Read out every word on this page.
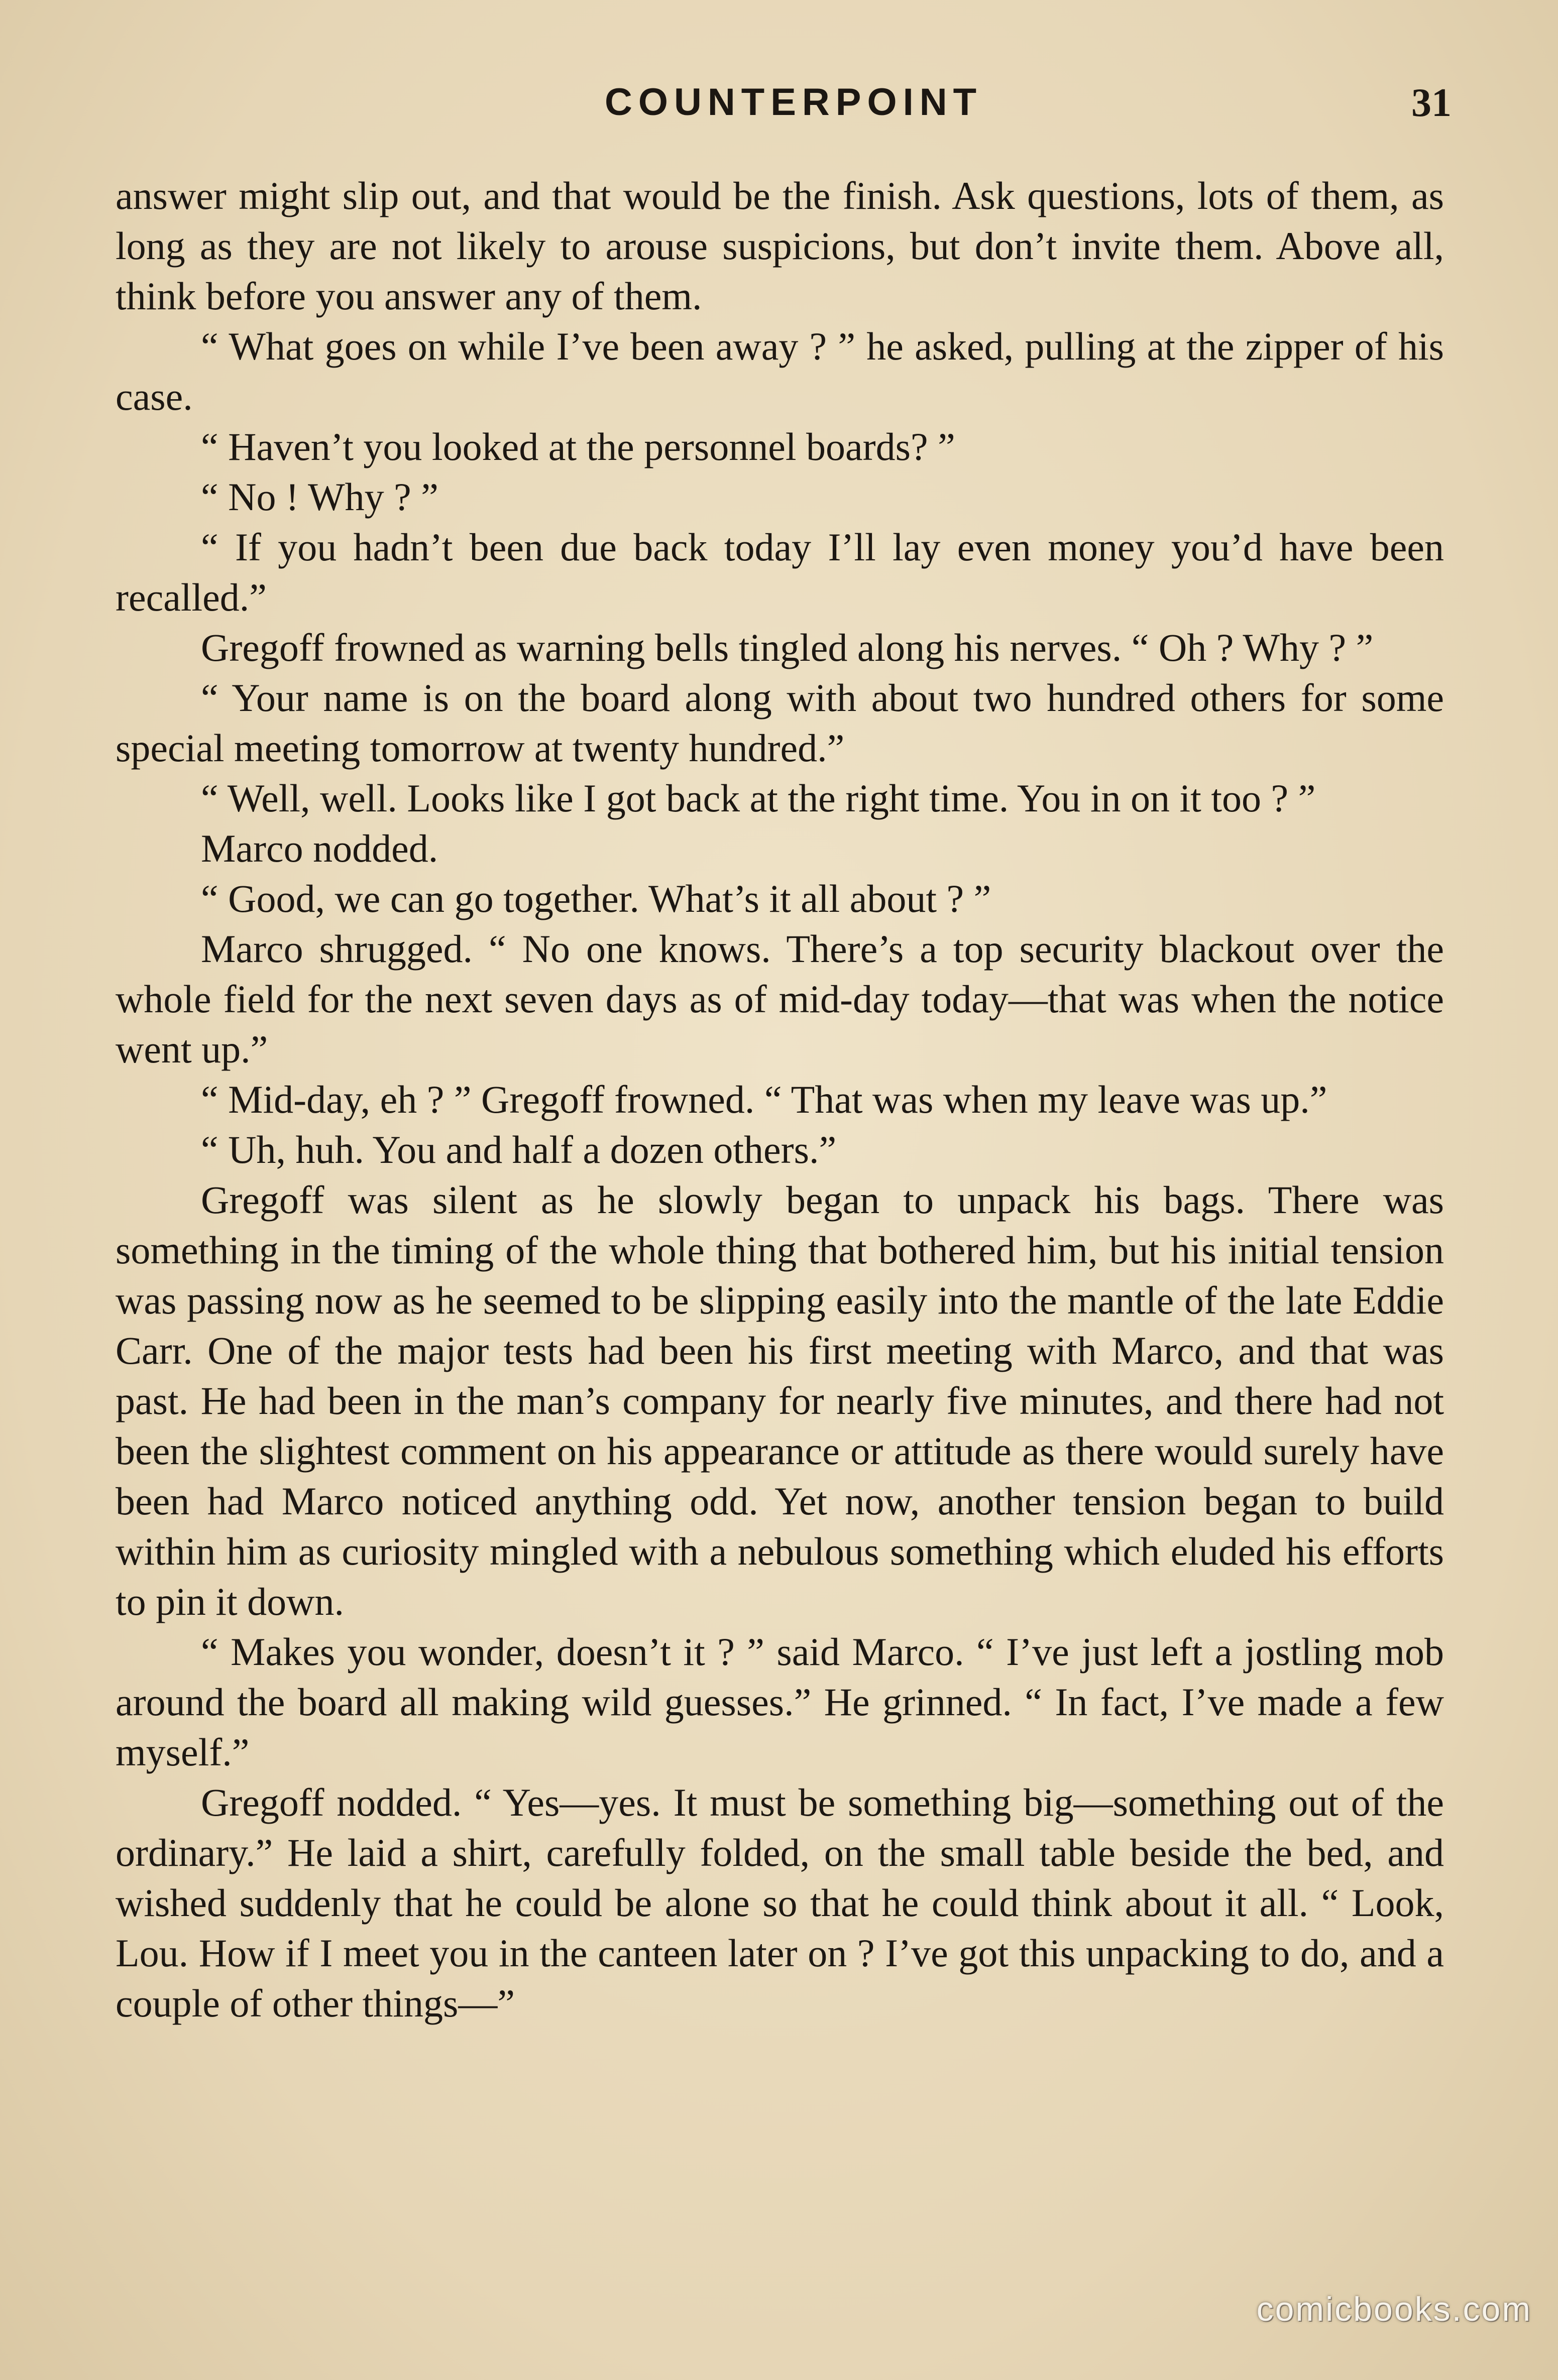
COUNTERPOINT	31

answer might slip out, and that would be the finish. Ask questions, lots of them, as long as they are not likely to arouse suspicions, but don’t invite them. Above all, think before you answer any of them.

“ What goes on while I’ve been away ? ” he asked, pulling at the zipper of his case.

“ Haven’t you looked at the personnel boards? ”

“ No ! Why ? ”

“ If you hadn’t been due back today I’ll lay even money you’d have been recalled.”

Gregoff frowned as warning bells tingled along his nerves. “ Oh ? Why ? ”

“ Your name is on the board along with about two hundred others for some special meeting tomorrow at twenty hundred.”

“ Well, well. Looks like I got back at the right time. You in on it too ? ”

Marco nodded.

“ Good, we can go together. What’s it all about ? ”

Marco shrugged. “ No one knows. There’s a top security blackout over the whole field for the next seven days as of mid-day today—that was when the notice went up.”

“ Mid-day, eh ? ” Gregoff frowned. “ That was when my leave was up.”

“ Uh, huh. You and half a dozen others.”

Gregoff was silent as he slowly began to unpack his bags. There was something in the timing of the whole thing that bothered him, but his initial tension was passing now as he seemed to be slipping easily into the mantle of the late Eddie Carr. One of the major tests had been his first meeting with Marco, and that was past. He had been in the man’s company for nearly five minutes, and there had not been the slightest comment on his appearance or attitude as there would surely have been had Marco noticed anything odd. Yet now, another tension began to build within him as curiosity mingled with a nebulous something which eluded his efforts to pin it down.

“ Makes you wonder, doesn’t it ? ” said Marco. “ I’ve just left a jostling mob around the board all making wild guesses.” He grinned. “ In fact, I’ve made a few myself.”

Gregoff nodded. “ Yes—yes. It must be something big—something out of the ordinary.” He laid a shirt, carefully folded, on the small table beside the bed, and wished suddenly that he could be alone so that he could think about it all. “ Look, Lou. How if I meet you in the canteen later on ? I’ve got this unpacking to do, and a couple of other things—”

comicbooks.com
